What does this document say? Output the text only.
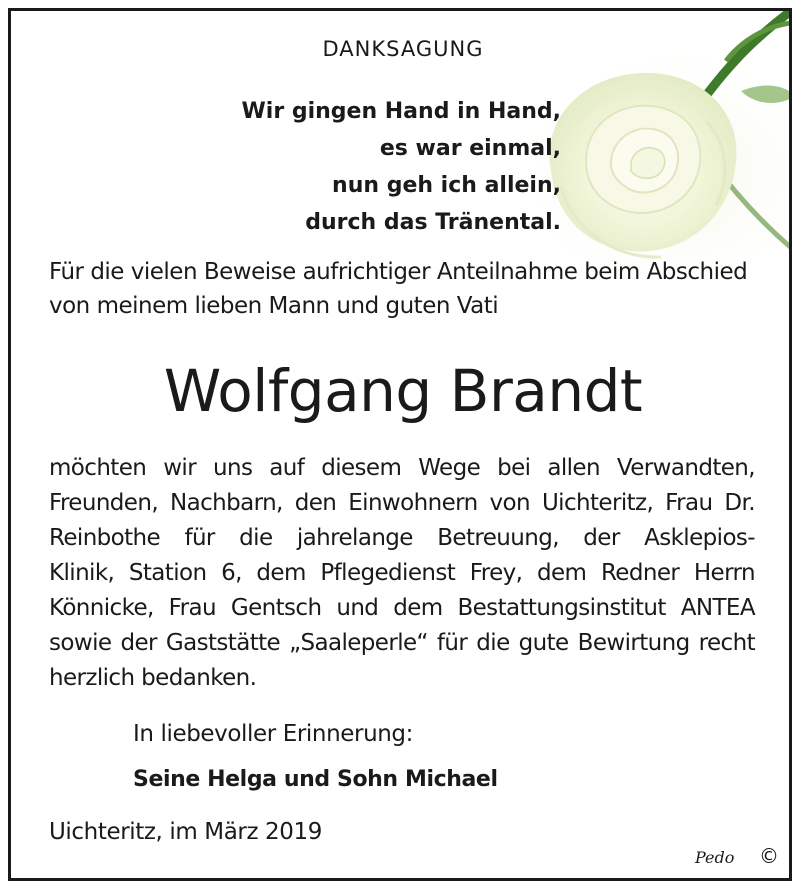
DANKSAGUNG

Wir gingen Hand in Hand,
es war einmal,
nun geh ich allein,
durch das Tränental.
Für die vielen Beweise aufrichtiger Anteilnahme beim Abschied
von meinem lieben Mann und guten Vati

Wolfgang Brandt

möchten wir uns auf diesem Wege bei allen Verwandten,
Freunden, Nachbarn, den Einwohnern von Uichteritz, Frau Dr.
Reinbothe für die jahrelange Betreuung, der Asklepios-
Klinik, Station 6, dem Pflegedienst Frey, dem Redner Herrn
Könnicke, Frau Gentsch und dem Bestattungsinstitut ANTEA
sowie der Gaststätte „Saaleperle“ für die gute Bewirtung recht
herzlich bedanken.

In liebevoller Erinnerung:

Seine Helga und Sohn Michael

Uichteritz, im März 2019

Pedo ©
